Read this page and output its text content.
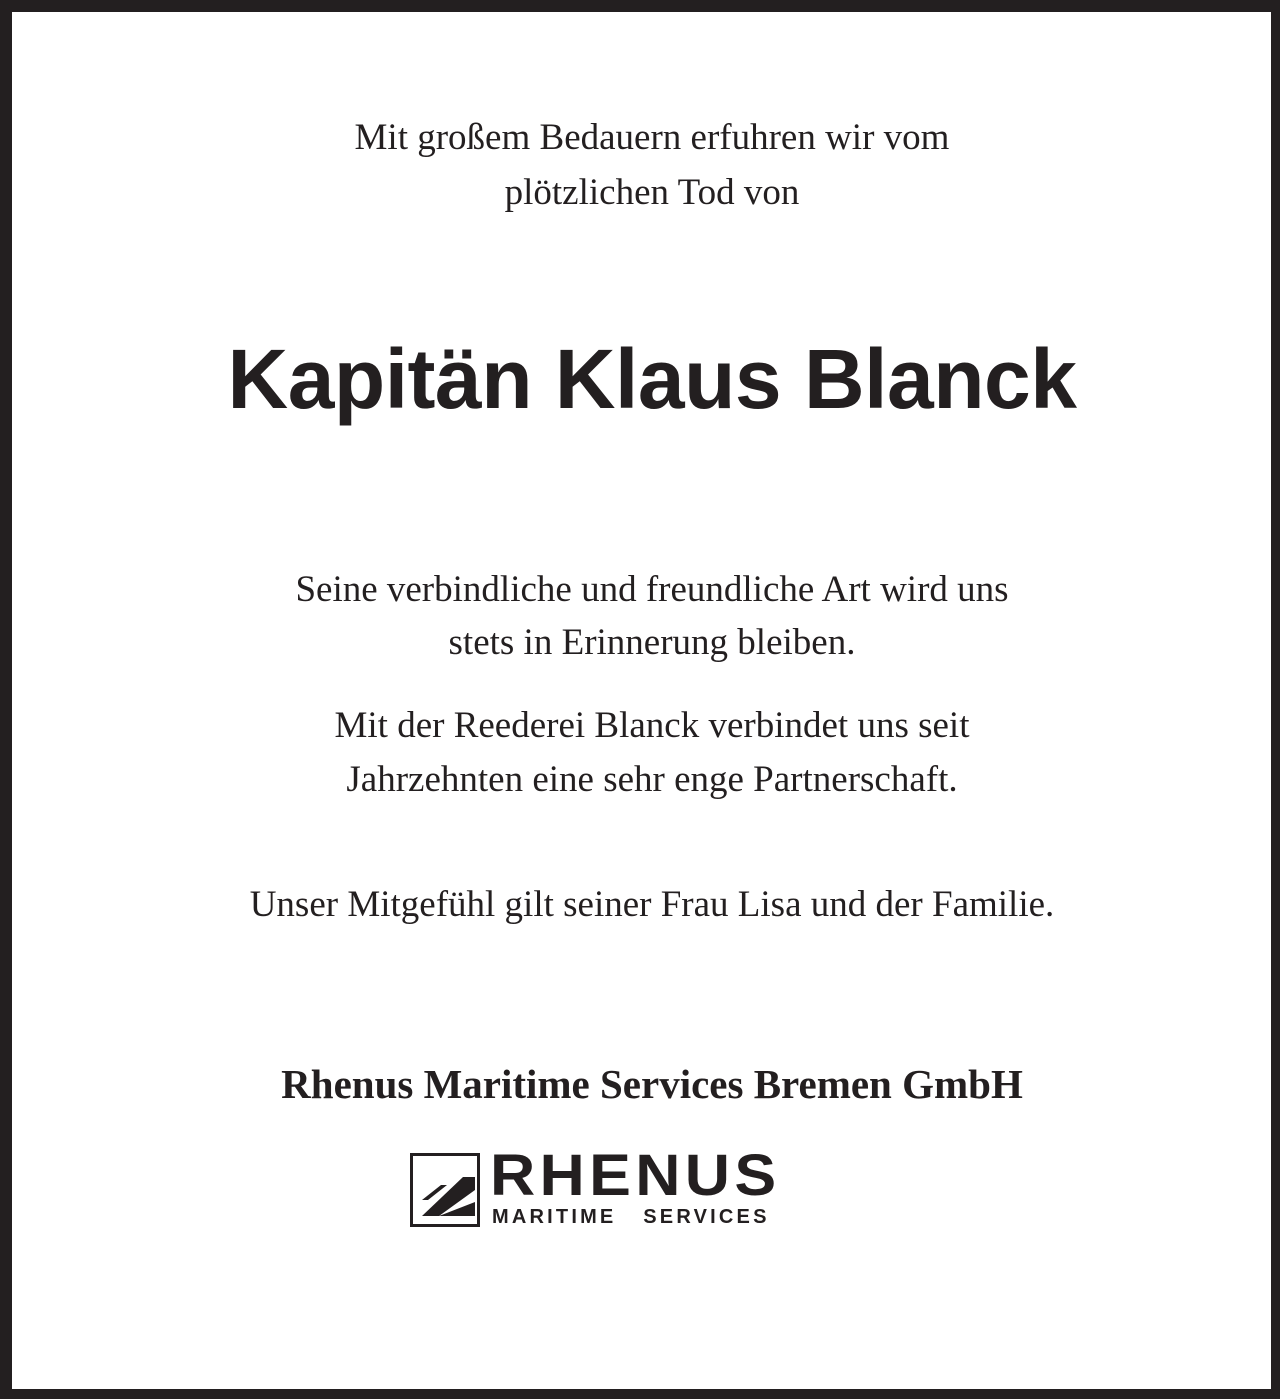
Mit großem Bedauern erfuhren wir vom
plötzlichen Tod von

Kapitän Klaus Blanck

Seine verbindliche und freundliche Art wird uns
stets in Erinnerung bleiben.

Mit der Reederei Blanck verbindet uns seit
Jahrzehnten eine sehr enge Partnerschaft.

Unser Mitgefühl gilt seiner Frau Lisa und der Familie.

Rhenus Maritime Services Bremen GmbH

RHENUS
MARITIME SERVICES
